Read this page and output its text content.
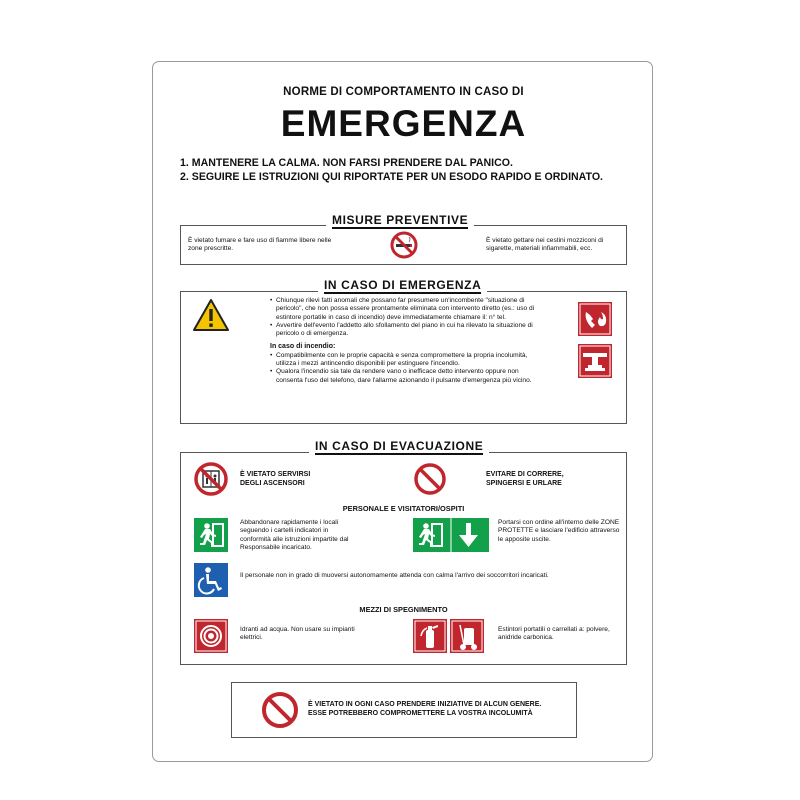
NORME DI COMPORTAMENTO IN CASO DI
EMERGENZA
1. MANTENERE LA CALMA. NON FARSI PRENDERE DAL PANICO.
2. SEGUIRE LE ISTRUZIONI QUI RIPORTATE PER UN ESODO RAPIDO E ORDINATO.
MISURE PREVENTIVE
È vietato fumare e fare uso di fiamme libere nelle zone prescritte.
È vietato gettare nei cestini mozziconi di sigarette, materiali infiammabili, ecc.
IN CASO DI EMERGENZA
• Chiunque rilevi fatti anomali che possano far presumere un'incombente "situazione di pericolo", che non possa essere prontamente eliminata con intervento diretto (es.: uso di estintore portatile in caso di incendio) deve immediatamente chiamare il: n° tel.
• Avvertire dell'evento l'addetto allo sfollamento del piano in cui ha rilevato la situazione di pericolo o di emergenza.
In caso di incendio:
• Compatibilmente con le proprie capacità e senza compromettere la propria incolumità, utilizza i mezzi antincendio disponibili per estinguere l'incendio.
• Qualora l'incendio sia tale da rendere vano o inefficace detto intervento oppure non consenta l'uso del telefono, dare l'allarme azionando il pulsante d'emergenza più vicino.
IN CASO DI EVACUAZIONE
È VIETATO SERVIRSI DEGLI ASCENSORI
EVITARE DI CORRERE, SPINGERSI E URLARE
PERSONALE E VISITATORI/OSPITI
Abbandonare rapidamente i locali seguendo i cartelli indicatori in conformità alle istruzioni impartite dal Responsabile incaricato.
Portarsi con ordine all'interno delle ZONE PROTETTE e lasciare l'edificio attraverso le apposite uscite.
Il personale non in grado di muoversi autonomamente attenda con calma l'arrivo dei soccorritori incaricati.
MEZZI DI SPEGNIMENTO
Idranti ad acqua. Non usare su impianti elettrici.
Estintori portatili o carrellati a: polvere, anidride carbonica.
È VIETATO IN OGNI CASO PRENDERE INIZIATIVE DI ALCUN GENERE.
ESSE POTREBBERO COMPROMETTERE LA VOSTRA INCOLUMITÀ
